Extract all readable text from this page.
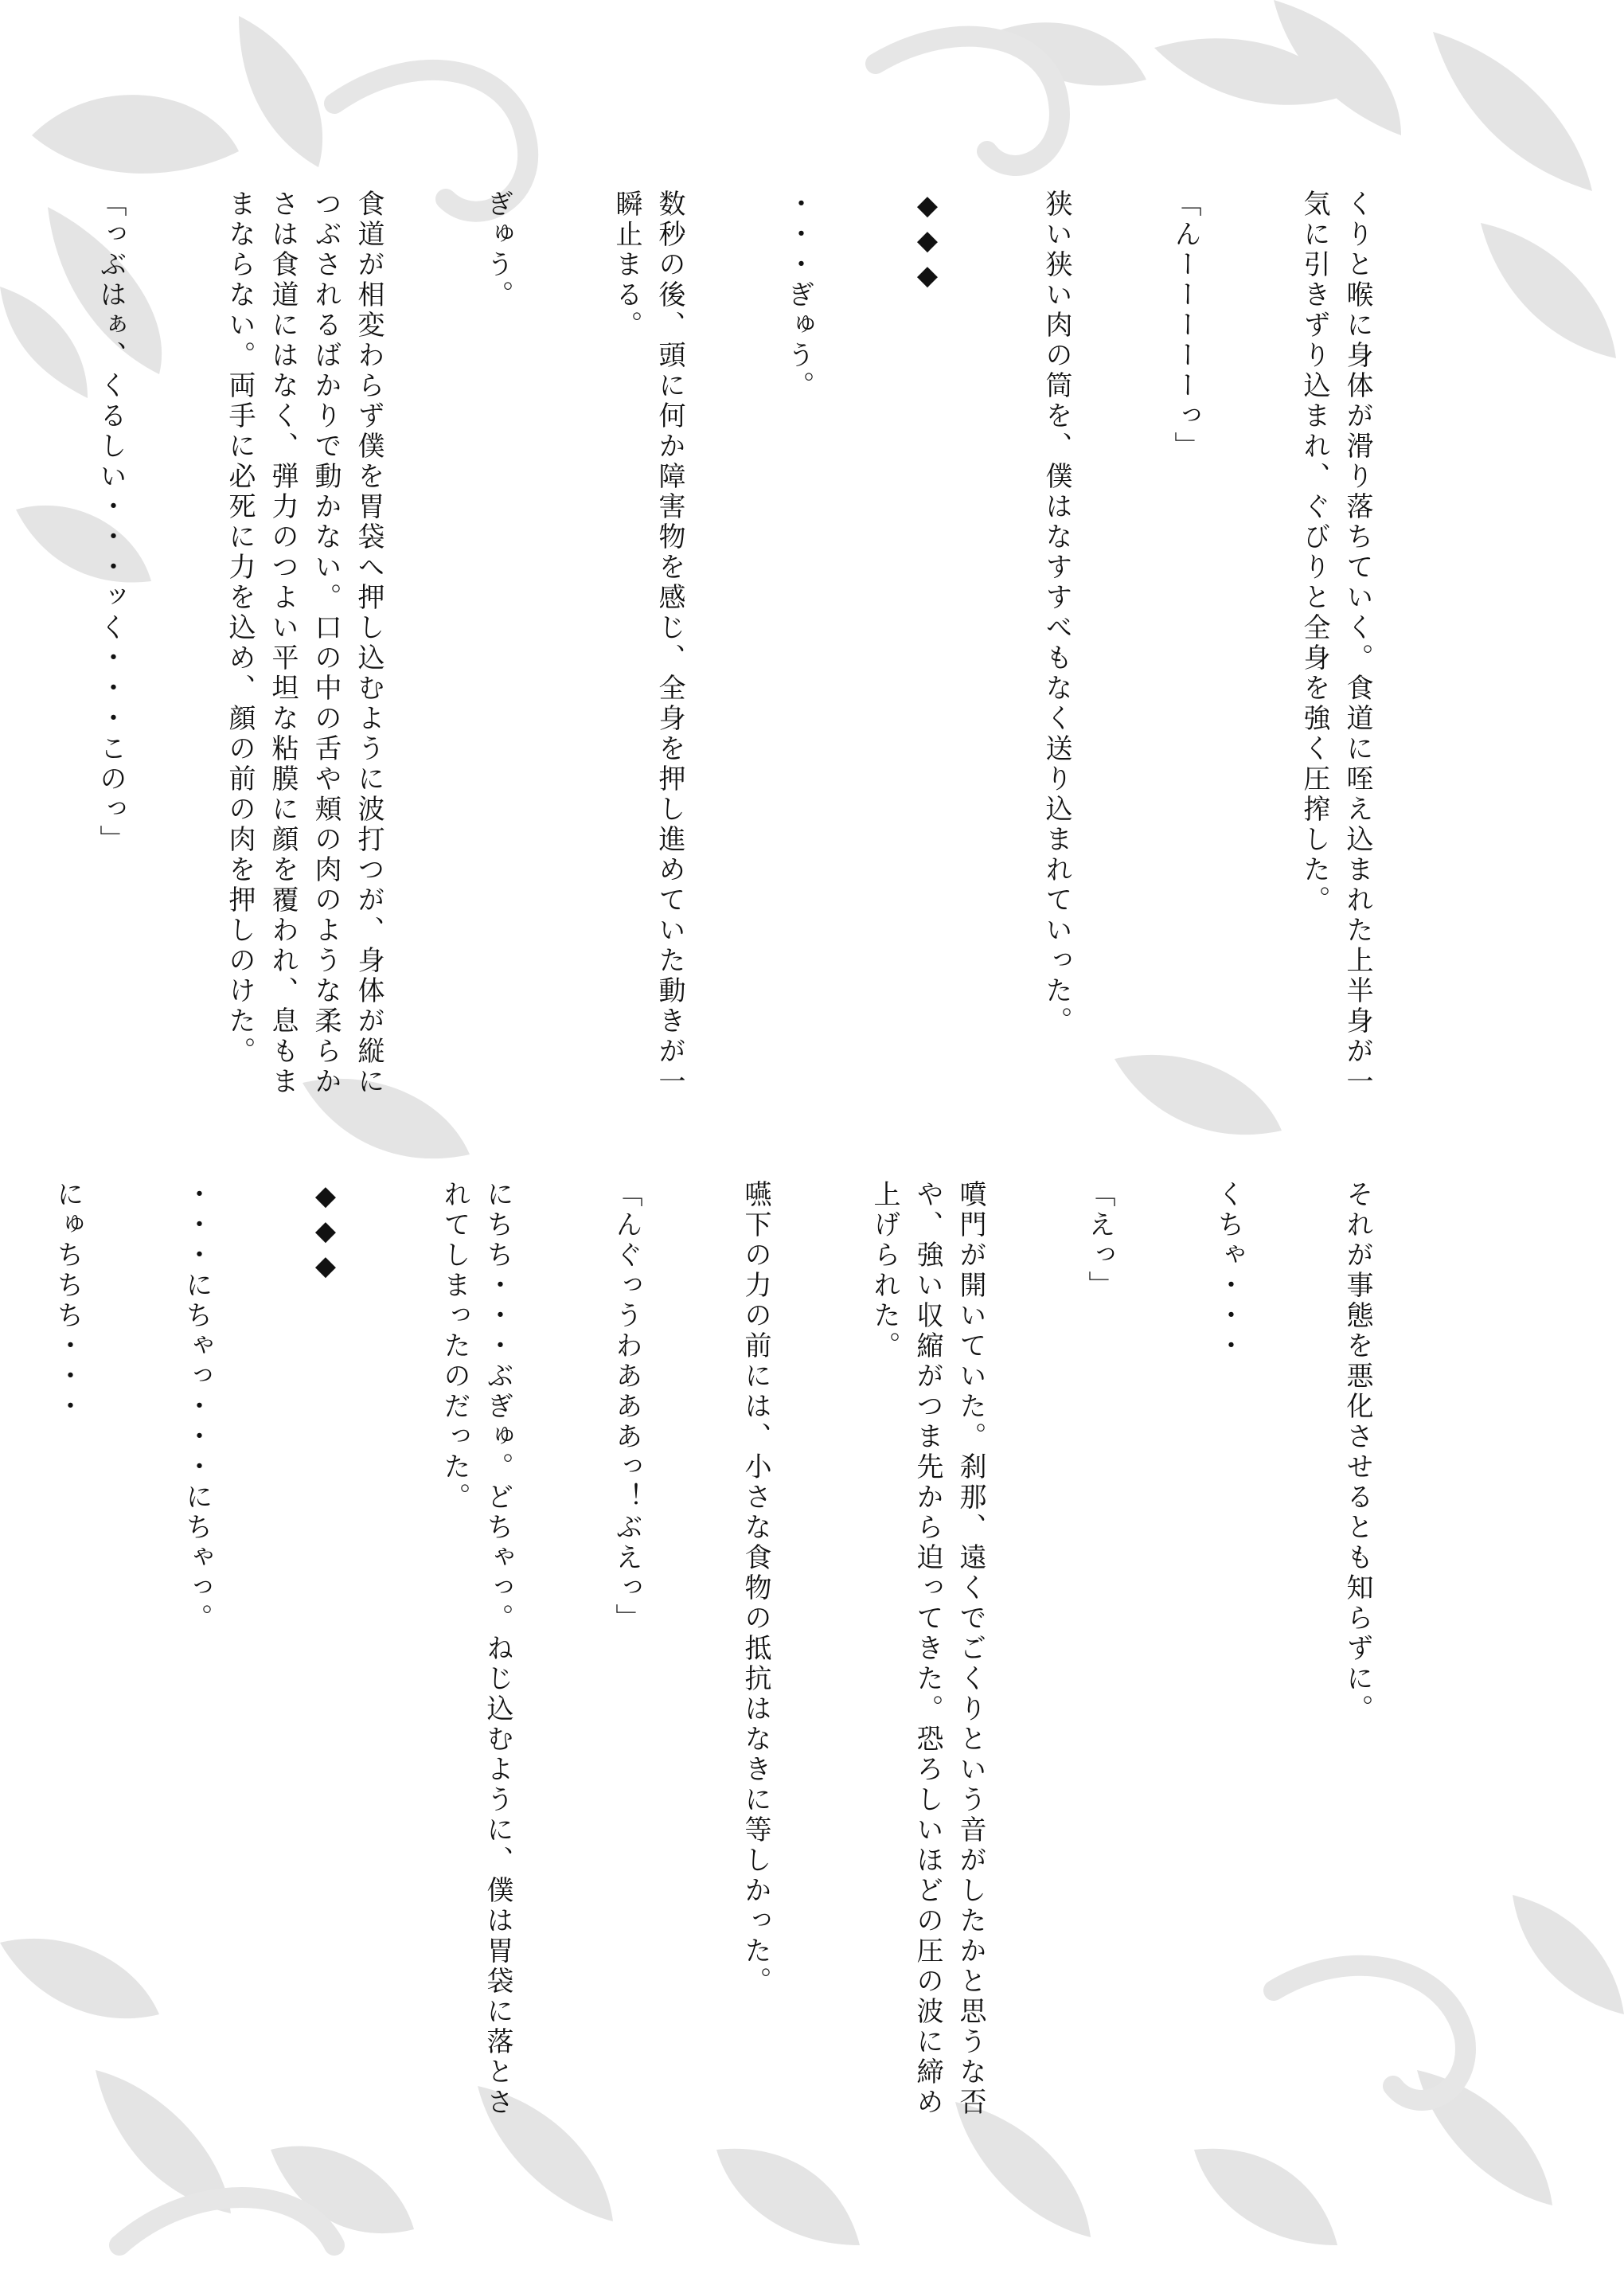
くりと喉に身体が滑り落ちていく。食道に咥え込まれた上半身が一気に引きずり込まれ、ぐびりと全身を強く圧搾した。

「んーーーーーっ」

狭い狭い肉の筒を、僕はなすすべもなく送り込まれていった。

◆◆◆

・・・ぎゅう。

数秒の後、頭に何か障害物を感じ、全身を押し進めていた動きが一瞬止まる。

ぎゅう。

食道が相変わらず僕を胃袋へ押し込むように波打つが、身体が縦につぶされるばかりで動かない。口の中の舌や頬の肉のような柔らかさは食道にはなく、弾力のつよい平坦な粘膜に顔を覆われ、息もままならない。両手に必死に力を込め、顔の前の肉を押しのけた。

「っぶはぁ、くるしい・・・ッく・・・このっ」

それが事態を悪化させるとも知らずに。

くちゃ・・・

「えっ」

噴門が開いていた。刹那、遠くでごくりという音がしたかと思うな否や、強い収縮がつま先から迫ってきた。恐ろしいほどの圧の波に締め上げられた。

嚥下の力の前には、小さな食物の抵抗はなきに等しかった。

「んぐっうわあああっ！ぶえっ」

にちち・・・ぶぎゅ。どちゃっ。ねじ込むように、僕は胃袋に落とされてしまったのだった。

◆◆◆

・・・にちゃっ・・・にちゃっ。

にゅちちち・・・
